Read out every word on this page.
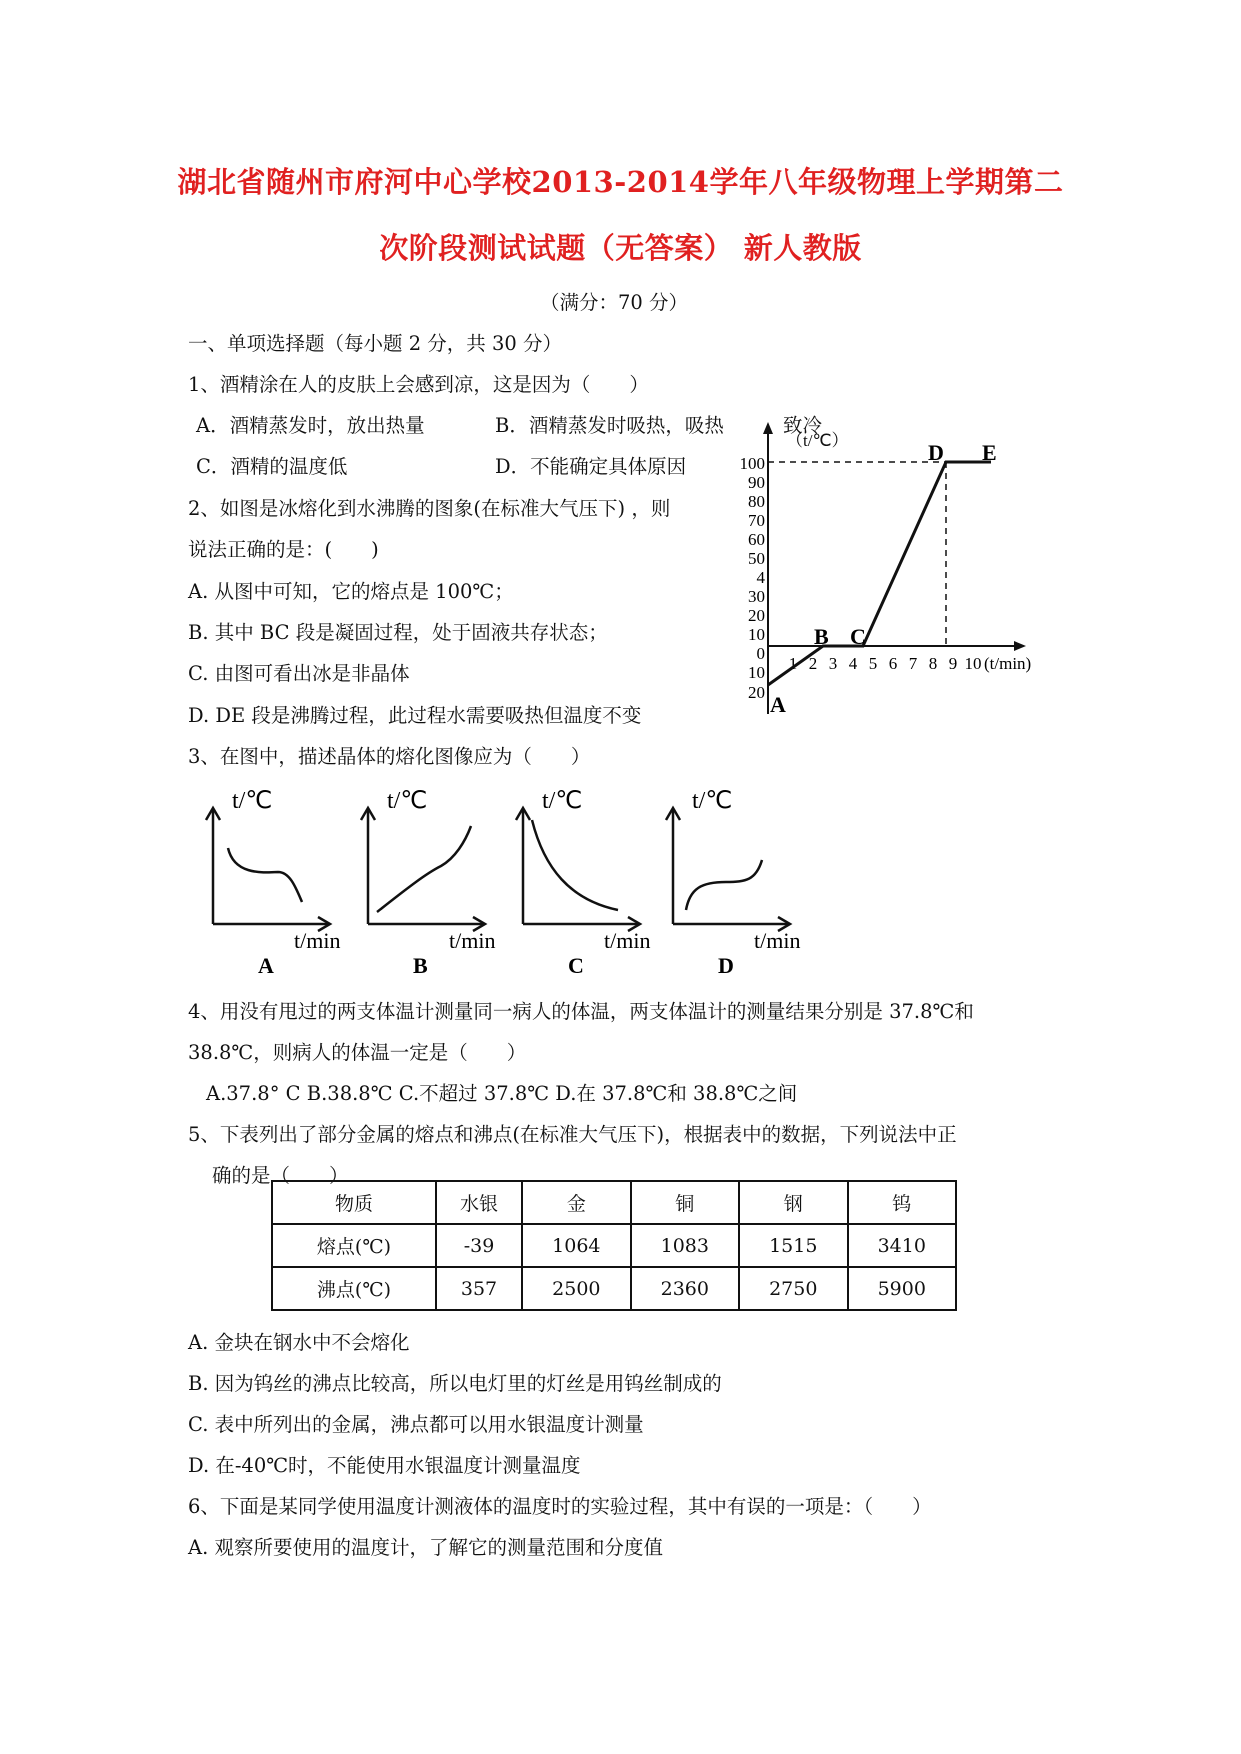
湖北省随州市府河中心学校2013-2014学年八年级物理上学期第二
次阶段测试试题（无答案） 新人教版
（满分：70 分）
一、单项选择题（每小题 2 分，共 30 分）
1、酒精涂在人的皮肤上会感到凉，这是因为（　　）
A．酒精蒸发时，放出热量	B．酒精蒸发时吸热，吸热	致冷
C．酒精的温度低	D．不能确定具体原因
2、如图是冰熔化到水沸腾的图象(在标准大气压下) ，则
说法正确的是：(　　)
A. 从图中可知，它的熔点是 100℃；
B. 其中 BC 段是凝固过程，处于固液共存状态；
C. 由图可看出冰是非晶体
D. DE 段是沸腾过程，此过程水需要吸热但温度不变
（t/℃）
100
90
80
70
60
50
4
30
20
10
0
10
20
1 2 3 4 5 6 7 8 9 10 (t/min)
A
B C
D E
3、在图中，描述晶体的熔化图像应为（　　）
t/℃
t/min
A
t/℃
t/min
B
t/℃
t/min
C
t/℃
t/min
D
4、用没有甩过的两支体温计测量同一病人的体温，两支体温计的测量结果分别是 37.8℃和
38.8℃，则病人的体温一定是（　　）
A.37.8° C B.38.8℃ C.不超过 37.8℃ D.在 37.8℃和 38.8℃之间
5、下表列出了部分金属的熔点和沸点(在标准大气压下)，根据表中的数据，下列说法中正
确的是（　　）
物质	水银	金	铜	钢	钨
熔点(℃)	-39	1064	1083	1515	3410
沸点(℃)	357	2500	2360	2750	5900
A. 金块在钢水中不会熔化
B. 因为钨丝的沸点比较高，所以电灯里的灯丝是用钨丝制成的
C. 表中所列出的金属，沸点都可以用水银温度计测量
D. 在-40℃时，不能使用水银温度计测量温度
6、下面是某同学使用温度计测液体的温度时的实验过程，其中有误的一项是：（　　）
A. 观察所要使用的温度计，了解它的测量范围和分度值
